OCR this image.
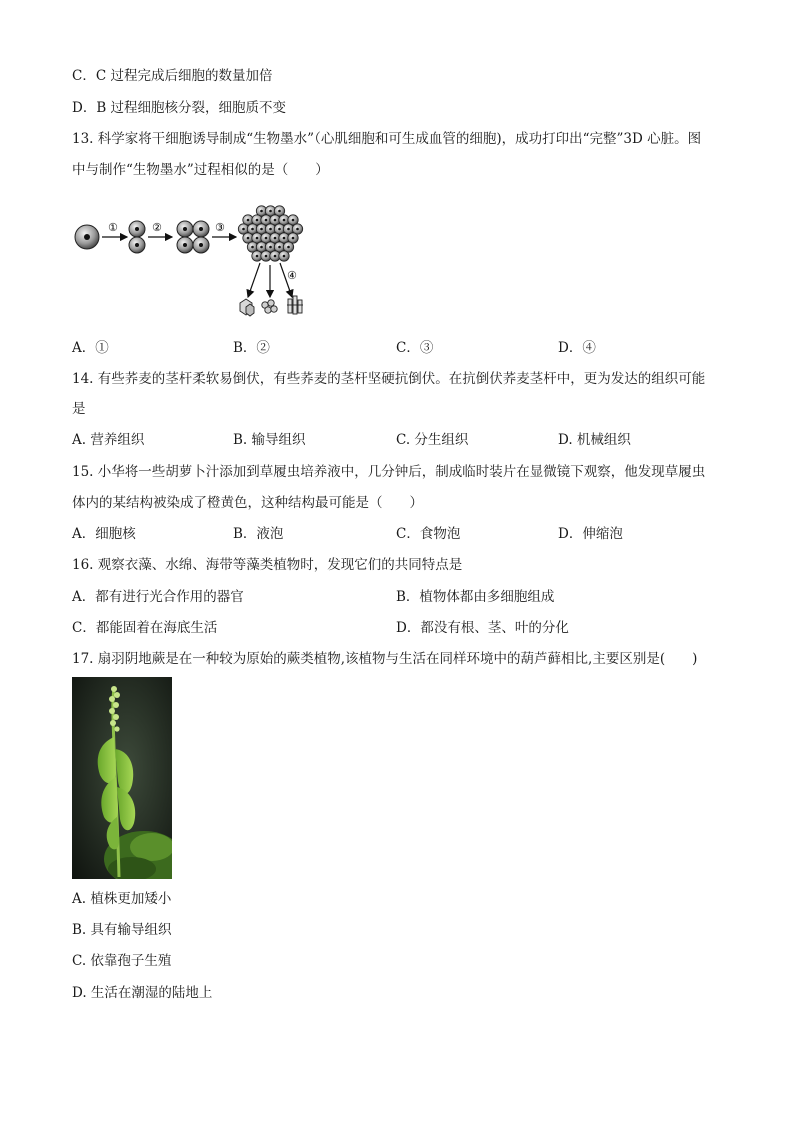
C．C 过程完成后细胞的数量加倍
D．B 过程细胞核分裂，细胞质不变
13. 科学家将干细胞诱导制成“生物墨水”（心肌细胞和可生成血管的细胞)，成功打印出“完整”3D 心脏。图
中与制作“生物墨水”过程相似的是（　　）
①	②	③
④
A．①	B．②	C．③	D．④
14. 有些荞麦的茎杆柔软易倒伏，有些荞麦的茎杆坚硬抗倒伏。在抗倒伏荞麦茎杆中，更为发达的组织可能
是
A. 营养组织	B. 输导组织	C. 分生组织	D. 机械组织
15. 小华将一些胡萝卜汁添加到草履虫培养液中，几分钟后，制成临时装片在显微镜下观察，他发现草履虫
体内的某结构被染成了橙黄色，这种结构最可能是（　　）
A．细胞核	B．液泡	C．食物泡	D．伸缩泡
16. 观察衣藻、水绵、海带等藻类植物时，发现它们的共同特点是
A．都有进行光合作用的器官	B．植物体都由多细胞组成
C．都能固着在海底生活	D．都没有根、茎、叶的分化
17. 扇羽阴地蕨是在一种较为原始的蕨类植物,该植物与生活在同样环境中的葫芦藓相比,主要区别是(　　)
A. 植株更加矮小
B. 具有输导组织
C. 依靠孢子生殖
D. 生活在潮湿的陆地上
